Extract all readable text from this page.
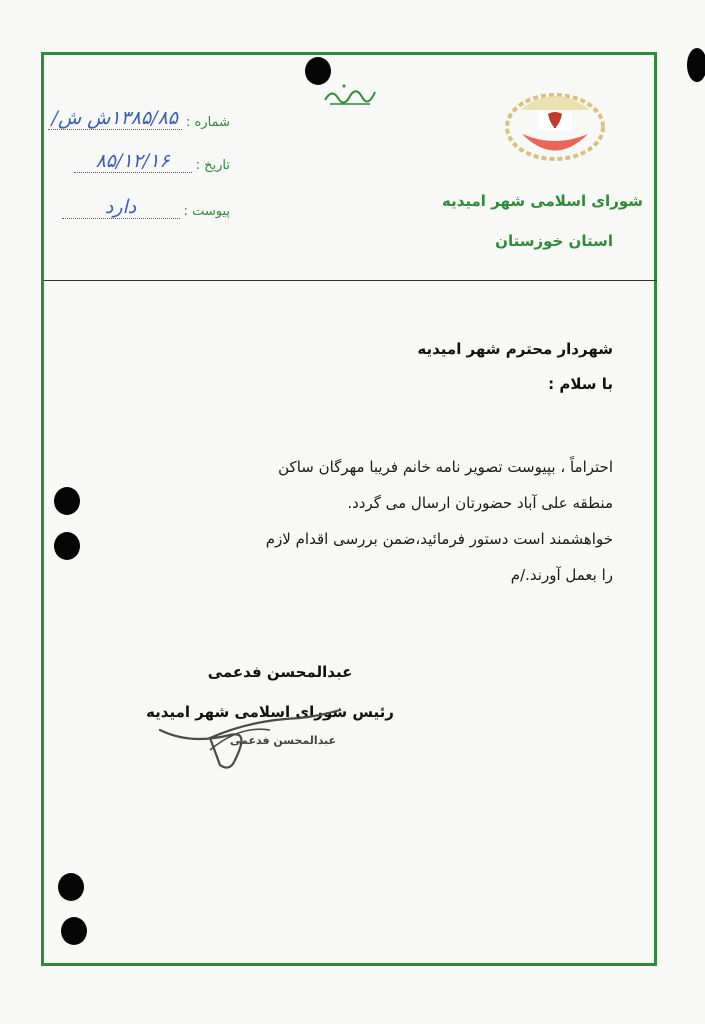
شماره :
۱۳۸۵/۸۵ش ش/
تاریخ :
۸۵/۱۲/۱۶
پیوست :
دارد	شورای اسلامی شهر امیدیه
استان خوزستان
شهردار محترم شهر امیدیه
با سلام :
احتراماً ، بپیوست تصویر نامه خانم فریبا مهرگان ساکن
منطقه علی آباد حضورتان ارسال می گردد.
خواهشمند است دستور فرمائید،ضمن بررسی اقدام لازم
را بعمل آورند./م
عبدالمحسن فدعمی
رئیس شورای اسلامی شهر امیدیه
عبدالمحسن فدعمی
